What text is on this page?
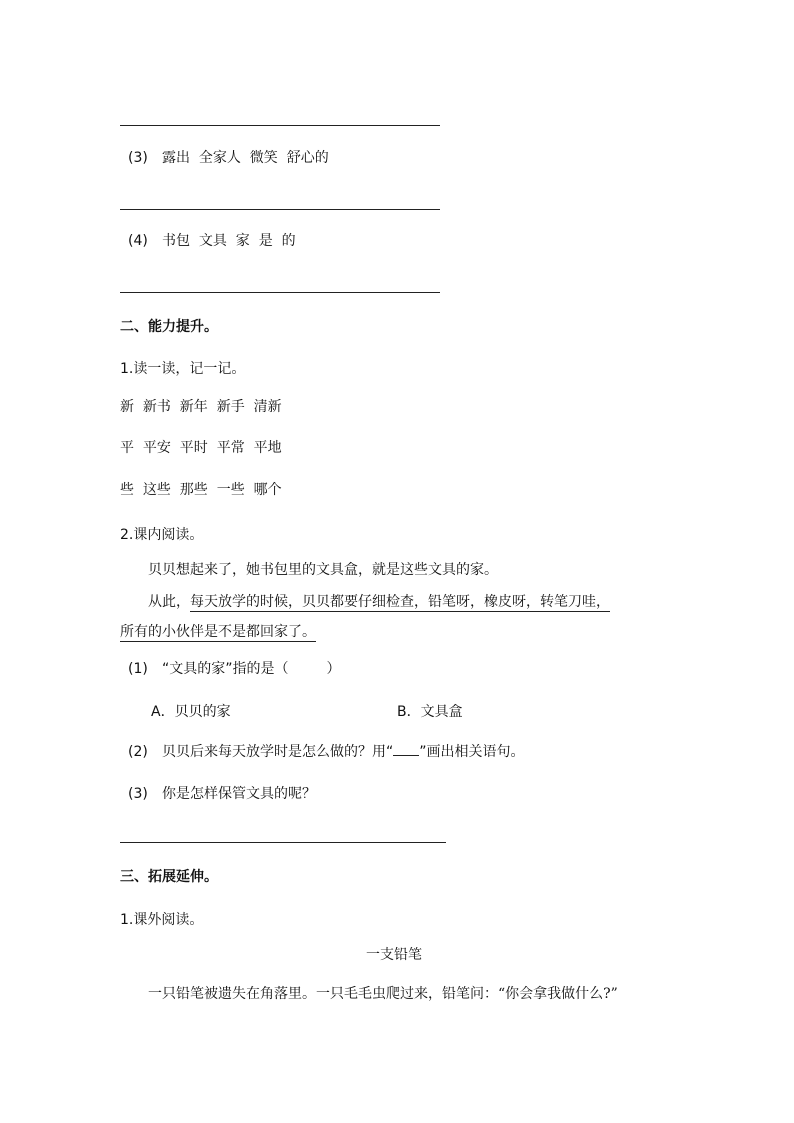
(3) 露出  全家人  微笑  舒心的
(4) 书包  文具  家  是  的
二、能力提升。
1.读一读，记一记。
新  新书  新年  新手  清新
平  平安  平时  平常  平地
些  这些  那些  一些  哪个
2.课内阅读。
贝贝想起来了，她书包里的文具盒，就是这些文具的家。
从此，每天放学的时候，贝贝都要仔细检查，铅笔呀，橡皮呀，转笔刀哇，
所有的小伙伴是不是都回家了。
(1) “文具的家”指的是（	）
A．贝贝的家	B．文具盒
(2) 贝贝后来每天放学时是怎么做的？用“ ”画出相关语句。
(3) 你是怎样保管文具的呢？
三、拓展延伸。
1.课外阅读。
一支铅笔
一只铅笔被遗失在角落里。一只毛毛虫爬过来，铅笔问：“你会拿我做什么?”
